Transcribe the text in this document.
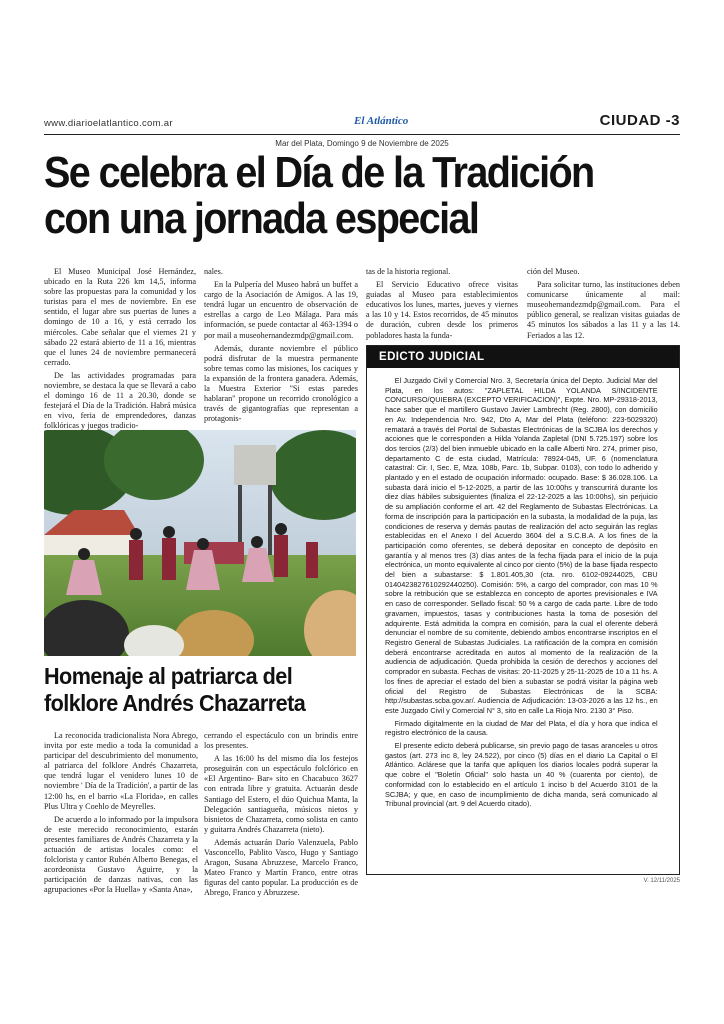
www.diarioelatlantico.com.ar	El Atlántico	CIUDAD -3
Mar del Plata, Domingo 9 de Noviembre de 2025
Se celebra el Día de la Tradición
con una jornada especial

El Museo Municipal José Hernández, ubicado en la Ruta 226 km 14,5, informa sobre las propuestas para la comunidad y los turistas para el mes de noviembre. En ese sentido, el lugar abre sus puertas de lunes a domingo de 10 a 16, y está cerrado los miércoles. Cabe señalar que el viernes 21 y sábado 22 estará abierto de 11 a 16, mientras que el lunes 24 de noviembre permanecerá cerrado.

De las actividades programadas para noviembre, se destaca la que se llevará a cabo el domingo 16 de 11 a 20.30, donde se festejará el Día de la Tradición. Habrá música en vivo, feria de emprendedores, danzas folklóricas y juegos tradicio-

nales.

En la Pulpería del Museo habrá un buffet a cargo de la Asociación de Amigos. A las 19, tendrá lugar un encuentro de observación de estrellas a cargo de Leo Málaga. Para más información, se puede contactar al 463-1394 o por mail a museohernandezmdp@gmail.com.

Además, durante noviembre el público podrá disfrutar de la muestra permanente sobre temas como las misiones, los caciques y la expansión de la frontera ganadera. Además, la Muestra Exterior "Si estas paredes hablaran" propone un recorrido cronológico a través de gigantografías que representan a protagonis-

tas de la historia regional.

El Servicio Educativo ofrece visitas guiadas al Museo para establecimientos educativos los lunes, martes, jueves y viernes a las 10 y 14. Estos recorridos, de 45 minutos de duración, cubren desde los primeros pobladores hasta la funda-

ción del Museo.

Para solicitar turno, las instituciones deben comunicarse únicamente al mail: museohernandezmdp@gmail.com. Para el público general, se realizan visitas guiadas de 45 minutos los sábados a las 11 y a las 14. Feriados a las 12.

Homenaje al patriarca del
folklore Andrés Chazarreta

La reconocida tradicionalista Nora Abrego, invita por este medio a toda la comunidad a participar del descubrimiento del monumento, al patriarca del folklore Andrés Chazarreta, que tendrá lugar el venidero lunes 10 de noviembre ' Día de la Tradición', a partir de las 12:00 hs, en el barrio «La Florida», en calles Plus Ultra y Coehlo de Meyrelles.

De acuerdo a lo informado por la impulsora de este merecido reconocimiento, estarán presentes familiares de Andrés Chazarreta y la actuación de artistas locales como: el folclorista y cantor Rubén Alberto Benegas, el acordeonista Gustavo Aguirre, y la participación de danzas nativas, con las agrupaciones «Por la Huella» y «Santa Ana»,

cerrando el espectáculo con un brindis entre los presentes.

A las 16:00 hs del mismo día los festejos proseguirán con un espectáculo folclórico en «El Argentino- Bar» sito en Chacabuco 3627 con entrada libre y gratuita. Actuarán desde Santiago del Estero, el dúo Quichua Manta, la Delegación santiagueña, músicos nietos y bisnietos de Chazarreta, como solista en canto y guitarra Andrés Chazarreta (nieto).

Además actuarán Darío Valenzuela, Pablo Vasconcello, Pablito Vasco, Hugo y Santiago Aragon, Susana Abruzzese, Marcelo Franco, Mateo Franco y Martín Franco, entre otras figuras del canto popular. La producción es de Abrego, Franco y Abruzzese.

EDICTO JUDICIAL

El Juzgado Civil y Comercial Nro. 3, Secretaría única del Depto. Judicial Mar del Plata, en los autos: "ZAPLETAL HILDA YOLANDA S/INCIDENTE CONCURSO/QUIEBRA (EXCEPTO VERIFICACION)", Expte. Nro. MP-29318-2013, hace saber que el martillero Gustavo Javier Lambrecht (Reg. 2800), con domicilio en Av. Independencia Nro. 942, Dto A, Mar del Plata (teléfono: 223-5029320) rematará a través del Portal de Subastas Electrónicas de la SCJBA los derechos y acciones que le corresponden a Hilda Yolanda Zapletal (DNI 5.725.197) sobre los dos tercios (2/3) del bien inmueble ubicado en la calle Alberti Nro. 274, primer piso, departamento C de esta ciudad, Matrícula: 78924-045, UF. 6 (nomenclatura catastral: Cir. I, Sec. E, Mza. 108b, Parc. 1b, Subpar. 0103), con todo lo adherido y plantado y en el estado de ocupación informado: ocupado. Base: $ 36.028.106. La subasta dará inicio el 5-12-2025, a partir de las 10:00hs y transcurrirá durante los diez días hábiles subsiguientes (finaliza el 22-12-2025 a las 10:00hs), sin perjuicio de su ampliación conforme el art. 42 del Reglamento de Subastas Electrónicas. La forma de inscripción para la participación en la subasta, la modalidad de la puja, las condiciones de reserva y demás pautas de realización del acto seguirán las reglas establecidas en el Anexo I del Acuerdo 3604 del a S.C.B.A. A los fines de la participación como oferentes, se deberá depositar en concepto de depósito en garantía y al menos tres (3) días antes de la fecha fijada para el inicio de la puja electrónica, un monto equivalente al cinco por ciento (5%) de la base fijada respecto del bien a subastarse: $ 1.801.405,30 (cta. nro. 6102-09244025, CBU 0140423827610292440250). Comisión: 5%, a cargo del comprador, con mas 10 % sobre la retribución que se establezca en concepto de aportes previsionales e IVA en caso de corresponder. Sellado fiscal: 50 % a cargo de cada parte. Libre de todo gravamen, impuestos, tasas y contribuciones hasta la toma de posesión del adquirente. Está admitida la compra en comisión, para la cual el oferente deberá denunciar el nombre de su comitente, debiendo ambos encontrarse inscriptos en el Registro General de Subastas Judiciales. La ratificación de la compra en comisión deberá encontrarse acreditada en autos al momento de la realización de la audiencia de adjudicación. Queda prohibida la cesión de derechos y acciones del comprador en subasta. Fechas de visitas: 20-11-2025 y 25-11-2025 de 10 a 11 hs. A los fines de apreciar el estado del bien a subastar se podrá visitar la página web oficial del Registro de Subastas Electrónicas de la SCBA: http://subastas.scba.gov.ar/. Audiencia de Adjudicación: 13-03-2026 a las 12 hs., en este Juzgado Civil y Comercial N° 3, sito en calle La Rioja Nro. 2130 3° Piso.

Firmado digitalmente en la ciudad de Mar del Plata, el día y hora que indica el registro electrónico de la causa.

El presente edicto deberá publicarse, sin previo pago de tasas aranceles u otros gastos (art. 273 inc 8, ley 24.522), por cinco (5) días en el diario La Capital o El Atlántico. Aclárese que la tarifa que apliquen los diarios locales podrá superar la que cobre el "Boletín Oficial" solo hasta un 40 % (cuarenta por ciento), de conformidad con lo establecido en el artículo 1 inciso b del Acuerdo 3101 de la SCJBA; y que, en caso de incumplimiento de dicha manda, será comunicado al Tribunal provincial (art. 9 del Acuerdo citado).

V. 12/11/2025
